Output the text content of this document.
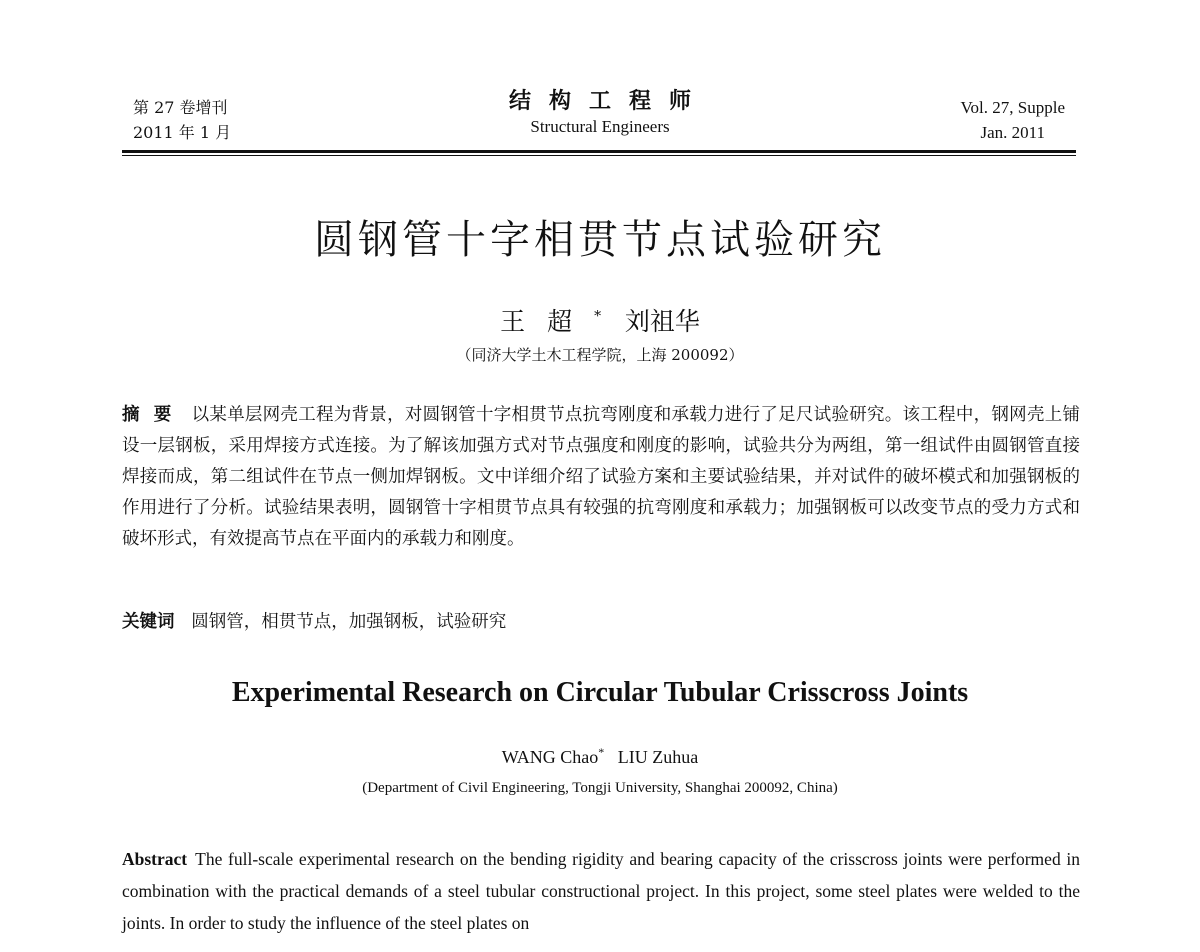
第 27 卷增刊
2011 年 1 月
结构工程师
Structural Engineers
Vol. 27, Supple
Jan. 2011
圆钢管十字相贯节点试验研究
王超* 刘祖华
（同济大学土木工程学院，上海 200092）
摘要 以某单层网壳工程为背景，对圆钢管十字相贯节点抗弯刚度和承载力进行了足尺试验研究。该工程中，钢网壳上铺设一层钢板，采用焊接方式连接。为了解该加强方式对节点强度和刚度的影响，试验共分为两组，第一组试件由圆钢管直接焊接而成，第二组试件在节点一侧加焊钢板。文中详细介绍了试验方案和主要试验结果，并对试件的破坏模式和加强钢板的作用进行了分析。试验结果表明，圆钢管十字相贯节点具有较强的抗弯刚度和承载力；加强钢板可以改变节点的受力方式和破坏形式，有效提高节点在平面内的承载力和刚度。
关键词 圆钢管，相贯节点，加强钢板，试验研究
Experimental Research on Circular Tubular Crisscross Joints
WANG Chao* LIU Zuhua
(Department of Civil Engineering, Tongji University, Shanghai 200092, China)
Abstract The full-scale experimental research on the bending rigidity and bearing capacity of the crisscross joints were performed in combination with the practical demands of a steel tubular constructional project. In this project, some steel plates were welded to the joints. In order to study the influence of the steel plates on
